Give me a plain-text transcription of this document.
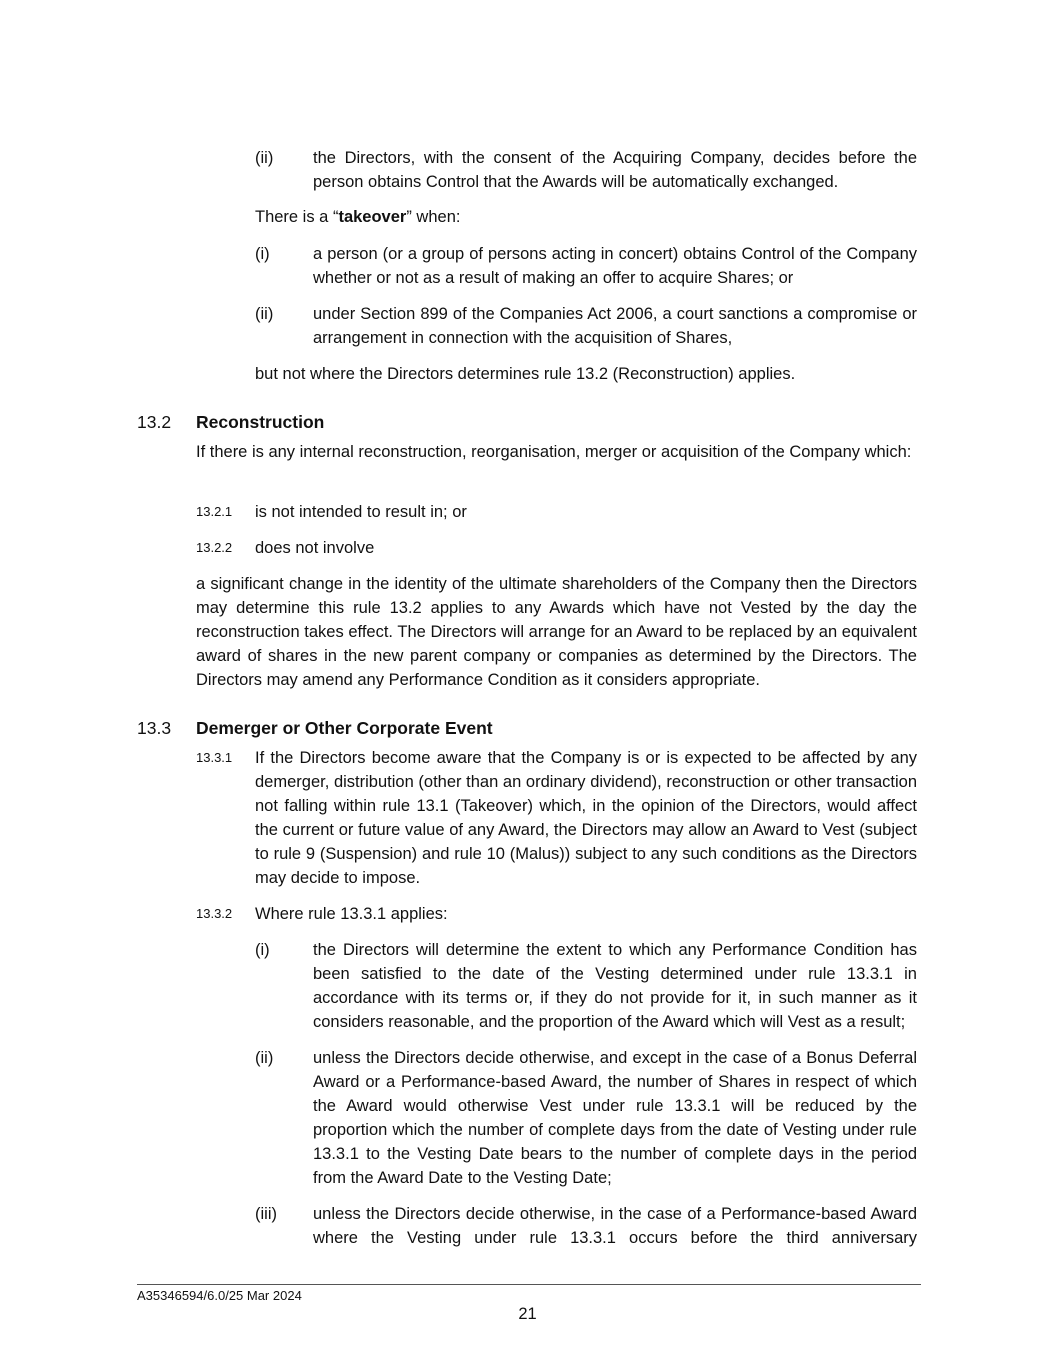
(ii) the Directors, with the consent of the Acquiring Company, decides before the person obtains Control that the Awards will be automatically exchanged.

There is a “takeover” when:

(i)	a person (or a group of persons acting in concert) obtains Control of the Company whether or not as a result of making an offer to acquire Shares; or

(ii) under Section 899 of the Companies Act 2006, a court sanctions a compromise or arrangement in connection with the acquisition of Shares,

but not where the Directors determines rule 13.2 (Reconstruction) applies.

13.2 Reconstruction

If there is any internal reconstruction, reorganisation, merger or acquisition of the Company which:

13.2.1 is not intended to result in; or

13.2.2 does not involve

a significant change in the identity of the ultimate shareholders of the Company then the Directors may determine this rule 13.2 applies to any Awards which have not Vested by the day the reconstruction takes effect. The Directors will arrange for an Award to be replaced by an equivalent award of shares in the new parent company or companies as determined by the Directors. The Directors may amend any Performance Condition as it considers appropriate.

13.3 Demerger or Other Corporate Event
13.3.1 If the Directors become aware that the Company is or is expected to be affected by any demerger, distribution (other than an ordinary dividend), reconstruction or other transaction not falling within rule 13.1 (Takeover) which, in the opinion of the Directors, would affect the current or future value of any Award, the Directors may allow an Award to Vest (subject to rule 9 (Suspension) and rule 10 (Malus)) subject to any such conditions as the Directors may decide to impose.

13.3.2 Where rule 13.3.1 applies:

(i)	the Directors will determine the extent to which any Performance Condition has been satisfied to the date of the Vesting determined under rule 13.3.1 in accordance with its terms or, if they do not provide for it, in such manner as it considers reasonable, and the proportion of the Award which will Vest as a result;

(ii) unless the Directors decide otherwise, and except in the case of a Bonus Deferral Award or a Performance-based Award, the number of Shares in respect of which the Award would otherwise Vest under rule 13.3.1 will be reduced by the proportion which the number of complete days from the date of Vesting under rule 13.3.1 to the Vesting Date bears to the number of complete days in the period from the Award Date to the Vesting Date;

(iii) unless the Directors decide otherwise, in the case of a Performance-based Award where the Vesting under rule 13.3.1 occurs before the third anniversary

A35346594/6.0/25 Mar 2024
21
